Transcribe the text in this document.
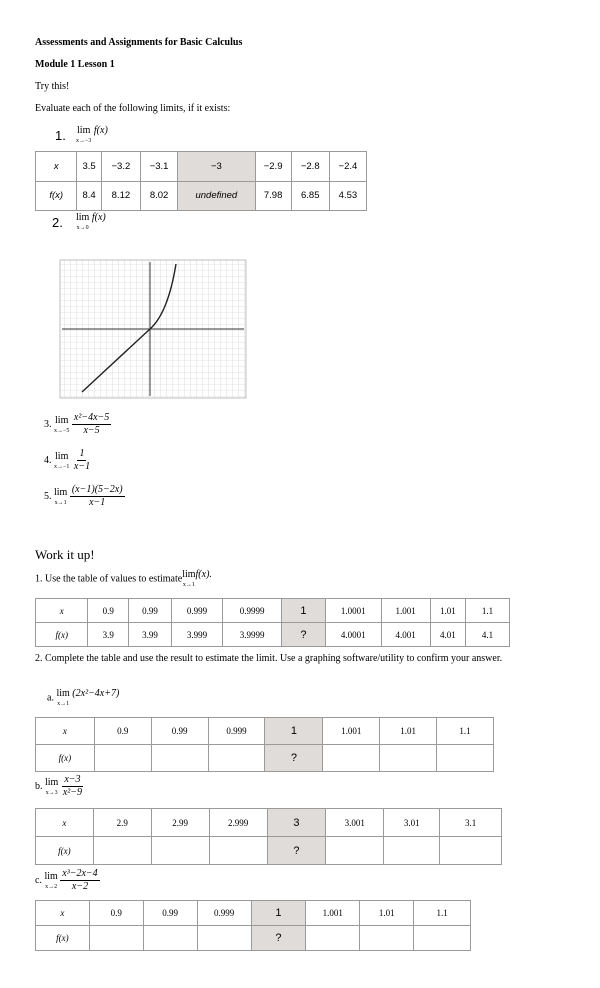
Assessments and Assignments for Basic Calculus
Module 1 Lesson 1
Try this!
Evaluate each of the following limits, if it exists:
1. lim
x→−3
f(x)
x	3.5	−3.2	−3.1	−3	−2.9	−2.8	−2.4
f(x)	8.4	8.12	8.02	undefined	7.98	6.85	4.53
2. lim
x→0
f(x)
3. lim
x→−5
$\frac{\text{x²−4x−5}}{x-5}$
4. lim
x→−1
$\frac{1}{x-1}$
5. lim
x→1
$\frac{(x-1)(5-2x)}{x-1}$
Work it up!
1. Use the table of values to estimate lim
x→1
f(x).
x	0.9	0.99	0.999	0.9999	1	1.0001	1.001	1.01	1.1
f(x)	3.9	3.99	3.999	3.9999	?	4.0001	4.001	4.01	4.1
2. Complete the table and use the result to estimate the limit. Use a graphing software/utility to confirm your answer.
a. lim
x→1
(2x²−4x+7)
x	0.9	0.99	0.999	1	1.001	1.01	1.1
f(x)				?			
b. lim
x→3
$\frac{x-3}{\text{x²−9}}$
x	2.9	2.99	2.999	3	3.001	3.01	3.1
f(x)				?			
c. lim
x→2
$\frac{\text{x³−2x−4}}{x-2}$
x	0.9	0.99	0.999	1	1.001	1.01	1.1
f(x)				?			
